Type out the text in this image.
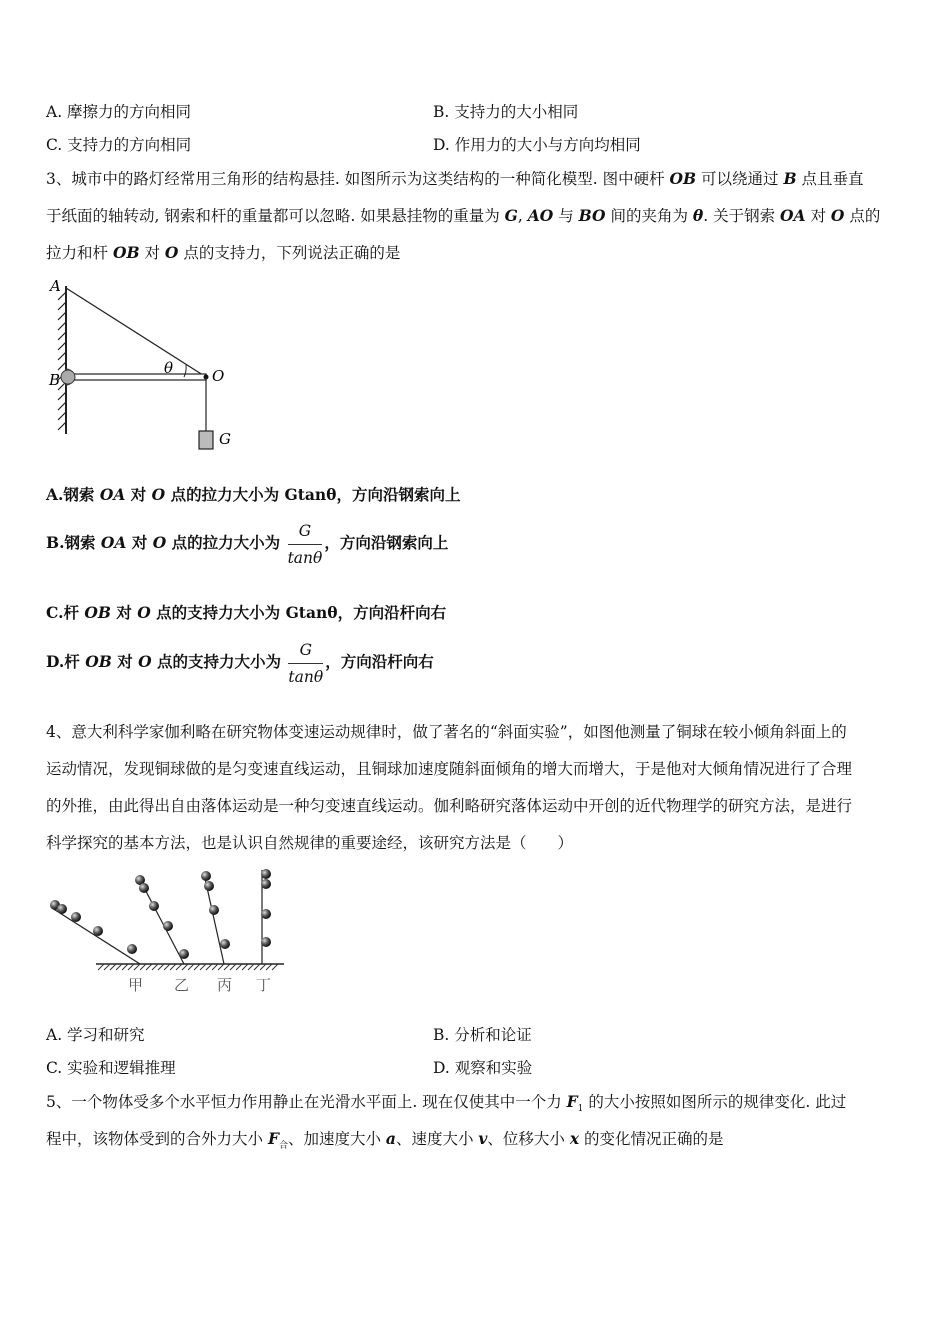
A. 摩擦力的方向相同	B. 支持力的大小相同
C. 支持力的方向相同	D. 作用力的大小与方向均相同
3、城市中的路灯经常用三角形的结构悬挂. 如图所示为这类结构的一种简化模型. 图中硬杆 OB 可以绕通过 B 点且垂直
于纸面的轴转动, 钢索和杆的重量都可以忽略. 如果悬挂物的重量为 G, AO 与 BO 间的夹角为 θ. 关于钢索 OA 对 O 点的
拉力和杆 OB 对 O 点的支持力，下列说法正确的是
A
B	O
θ
G
A.钢索 OA 对 O 点的拉力大小为 Gtanθ，方向沿钢索向上
B.钢索 OA 对 O 点的拉力大小为 $\frac{G}{\tan\theta}$ ，方向沿钢索向上
C.杆 OB 对 O 点的支持力大小为 Gtanθ，方向沿杆向右
D.杆 OB 对 O 点的支持力大小为 $\frac{G}{\tan\theta}$ ，方向沿杆向右
4、意大利科学家伽利略在研究物体变速运动规律时，做了著名的“斜面实验”，如图他测量了铜球在较小倾角斜面上的
运动情况，发现铜球做的是匀变速直线运动，且铜球加速度随斜面倾角的增大而增大，于是他对大倾角情况进行了合理
的外推，由此得出自由落体运动是一种匀变速直线运动。伽利略研究落体运动中开创的近代物理学的研究方法，是进行
科学探究的基本方法，也是认识自然规律的重要途经，该研究方法是（　　）
甲 乙 丙 丁
A. 学习和研究	B. 分析和论证
C. 实验和逻辑推理	D. 观察和实验
5、一个物体受多个水平恒力作用静止在光滑水平面上. 现在仅使其中一个力 $F_1$ 的大小按照如图所示的规律变化. 此过
程中，该物体受到的合外力大小 $F_合$、加速度大小 a、速度大小 v、位移大小 x 的变化情况正确的是
